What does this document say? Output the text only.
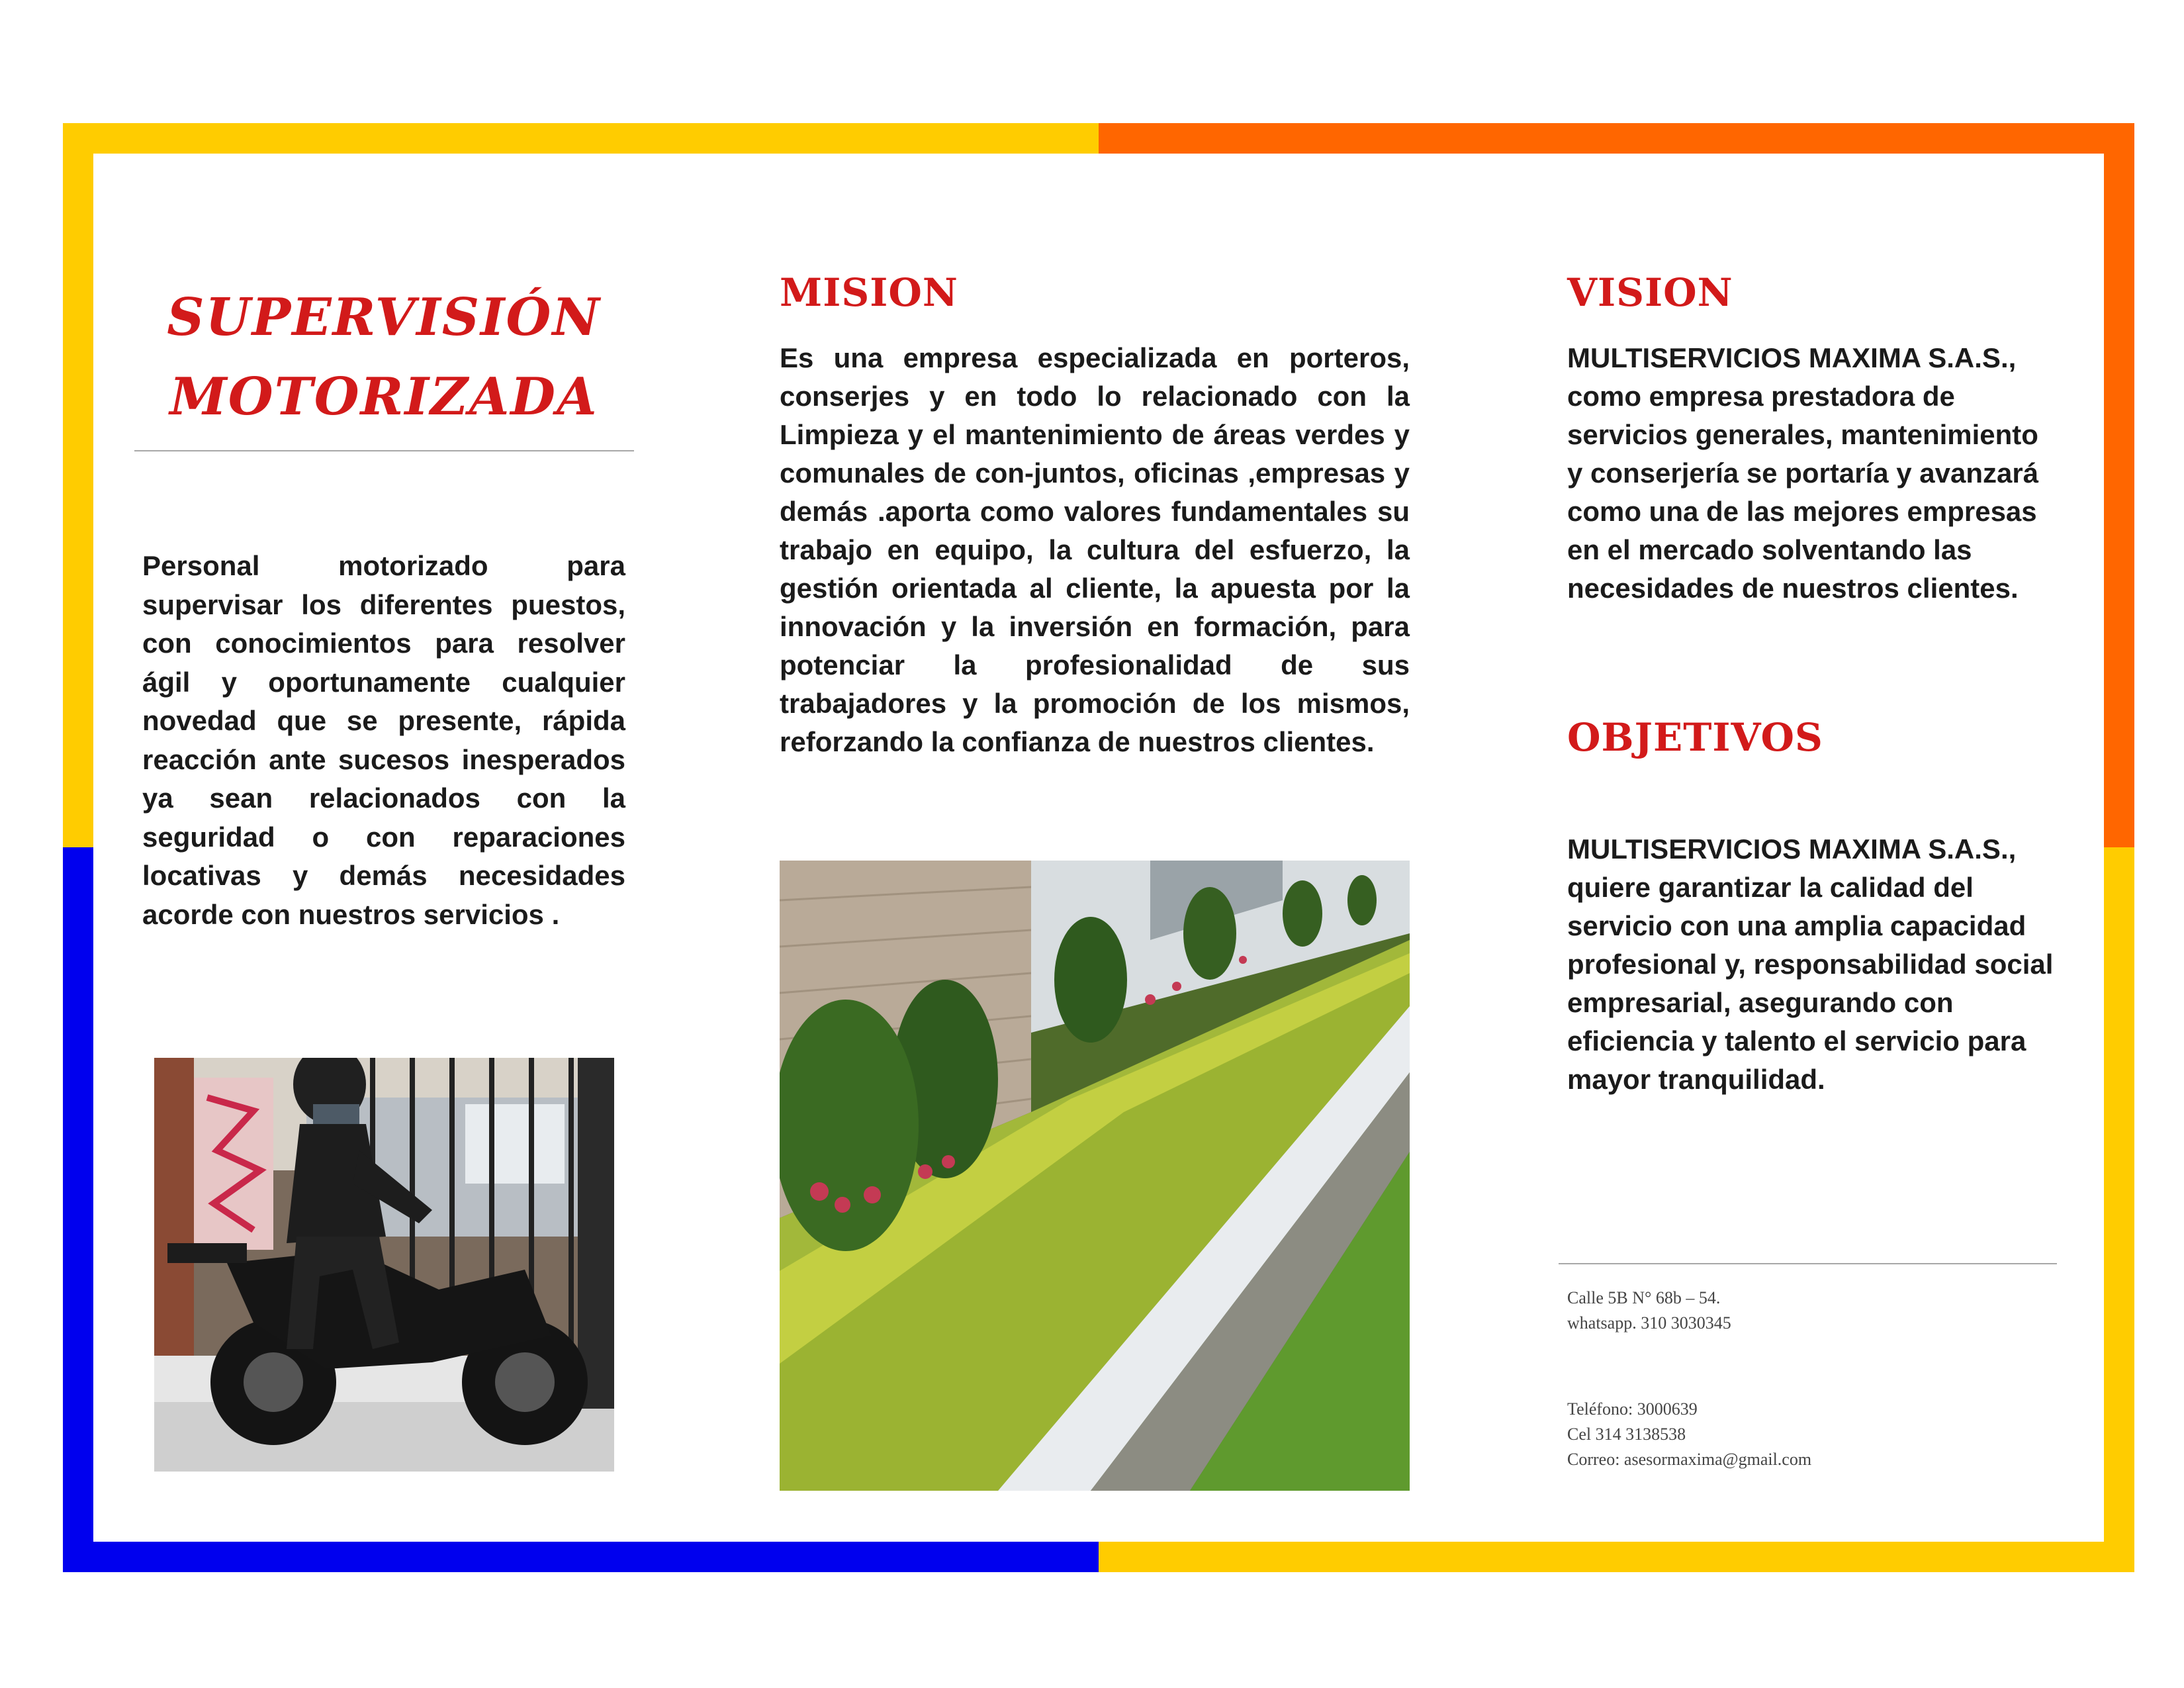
SUPERVISIÓN
MOTORIZADA
Personal motorizado para supervisar los diferentes puestos, con conocimientos para resolver ágil y oportunamente cualquier novedad que se presente, rápida reacción ante sucesos inesperados ya sean relacionados con la seguridad o con reparaciones locativas y demás necesidades acorde con nuestros servicios .
MISION
Es una empresa especializada en porteros, conserjes y en todo lo relacionado con la Limpieza y el mantenimiento de áreas verdes y comunales de con-juntos, oficinas ,empresas y demás .aporta como valores fundamentales su trabajo en equipo, la cultura del esfuerzo, la gestión orientada al cliente, la apuesta por la innovación y la inversión en formación, para potenciar la profesionalidad de sus trabajadores y la promoción de los mismos, reforzando la confianza de nuestros clientes.
VISION
MULTISERVICIOS MAXIMA S.A.S., como empresa prestadora de servicios generales, mantenimiento y conserjería se portaría y avanzará como una de las mejores empresas en el mercado solventando las necesidades de nuestros clientes.
OBJETIVOS
MULTISERVICIOS MAXIMA S.A.S., quiere garantizar la calidad del servicio con una amplia capacidad profesional y, responsabilidad social empresarial, asegurando con eficiencia y talento el servicio para mayor tranquilidad.
Calle 5B N° 68b – 54.
whatsapp. 310 3030345
Teléfono: 3000639
Cel 314 3138538
Correo: asesormaxima@gmail.com
